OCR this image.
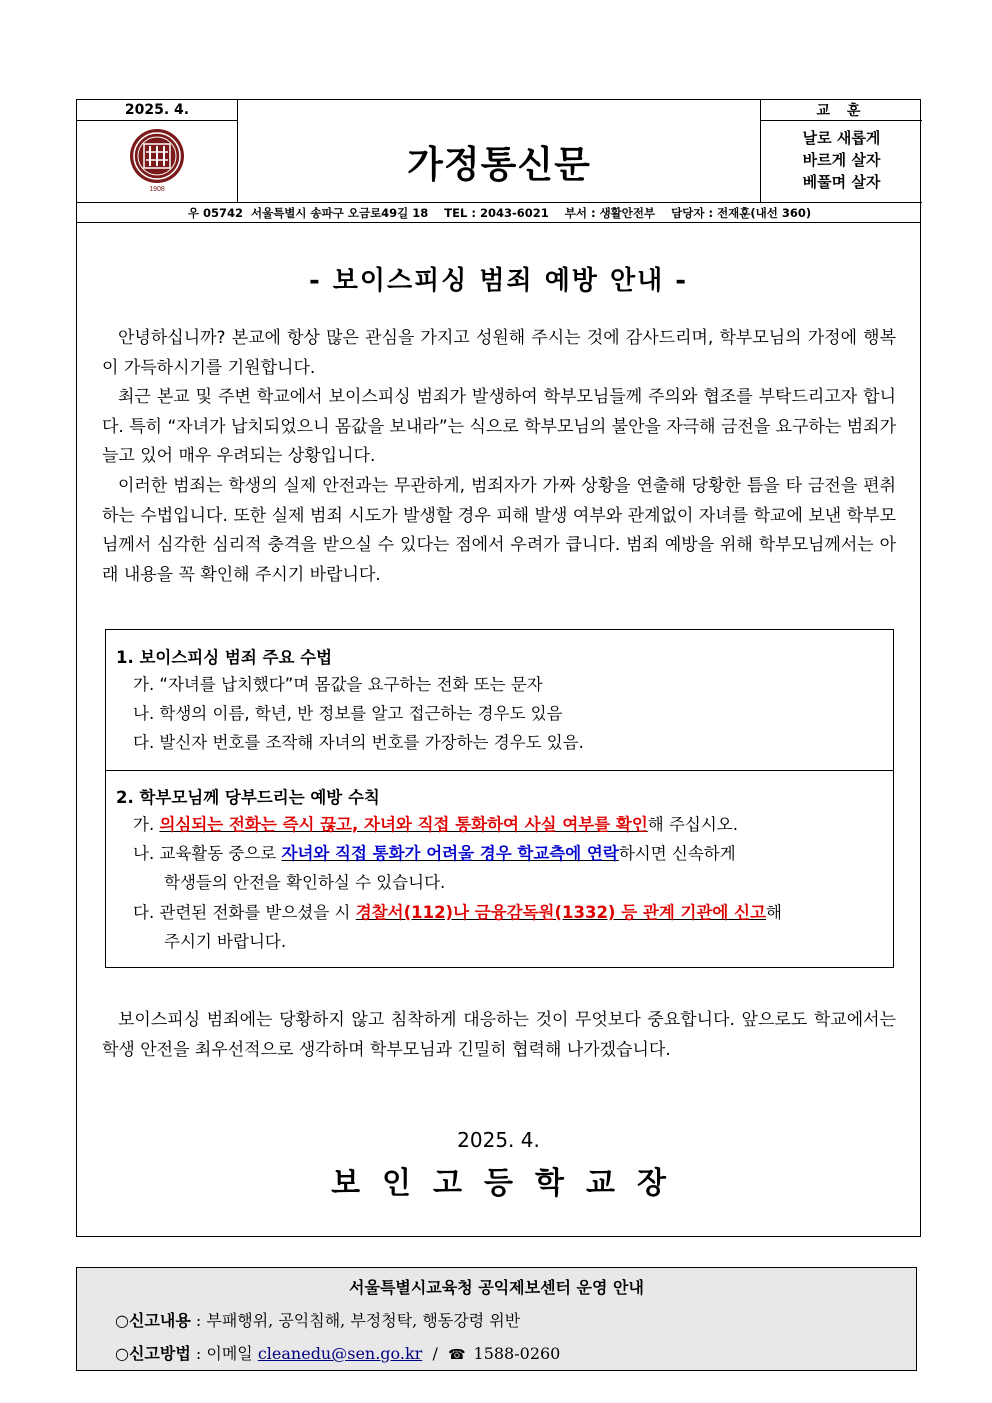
2025. 4.	교 훈
1908
가정통신문
날로 새롭게
바르게 살자
베풀며 살자
우 05742  서울특별시 송파구 오금로49길 18    TEL : 2043-6021    부서 : 생활안전부    담당자 : 전재훈(내선 360)
- 보이스피싱 범죄 예방 안내 -
안녕하십니까? 본교에 항상 많은 관심을 가지고 성원해 주시는 것에 감사드리며, 학부모님의 가정에 행복이 가득하시기를 기원합니다.
최근 본교 및 주변 학교에서 보이스피싱 범죄가 발생하여 학부모님들께 주의와 협조를 부탁드리고자 합니다. 특히 “자녀가 납치되었으니 몸값을 보내라”는 식으로 학부모님의 불안을 자극해 금전을 요구하는 범죄가 늘고 있어 매우 우려되는 상황입니다.
이러한 범죄는 학생의 실제 안전과는 무관하게, 범죄자가 가짜 상황을 연출해 당황한 틈을 타 금전을 편취하는 수법입니다. 또한 실제 범죄 시도가 발생할 경우 피해 발생 여부와 관계없이 자녀를 학교에 보낸 학부모님께서 심각한 심리적 충격을 받으실 수 있다는 점에서 우려가 큽니다. 범죄 예방을 위해 학부모님께서는 아래 내용을 꼭 확인해 주시기 바랍니다.
1. 보이스피싱 범죄 주요 수법
가. “자녀를 납치했다”며 몸값을 요구하는 전화 또는 문자
나. 학생의 이름, 학년, 반 정보를 알고 접근하는 경우도 있음
다. 발신자 번호를 조작해 자녀의 번호를 가장하는 경우도 있음.
2. 학부모님께 당부드리는 예방 수칙
가. 의심되는 전화는 즉시 끊고, 자녀와 직접 통화하여 사실 여부를 확인해 주십시오.
나. 교육활동 중으로 자녀와 직접 통화가 어려울 경우 학교측에 연락하시면 신속하게
학생들의 안전을 확인하실 수 있습니다.
다. 관련된 전화를 받으셨을 시 경찰서(112)나 금융감독원(1332) 등 관계 기관에 신고해
주시기 바랍니다.
보이스피싱 범죄에는 당황하지 않고 침착하게 대응하는 것이 무엇보다 중요합니다. 앞으로도 학교에서는 학생 안전을 최우선적으로 생각하며 학부모님과 긴밀히 협력해 나가겠습니다.
2025. 4.
보인고등학교장
서울특별시교육청 공익제보센터 운영 안내
○신고내용 : 부패행위, 공익침해, 부정청탁, 행동강령 위반
○신고방법 : 이메일 cleanedu@sen.go.kr  /  ☎ 1588-0260
